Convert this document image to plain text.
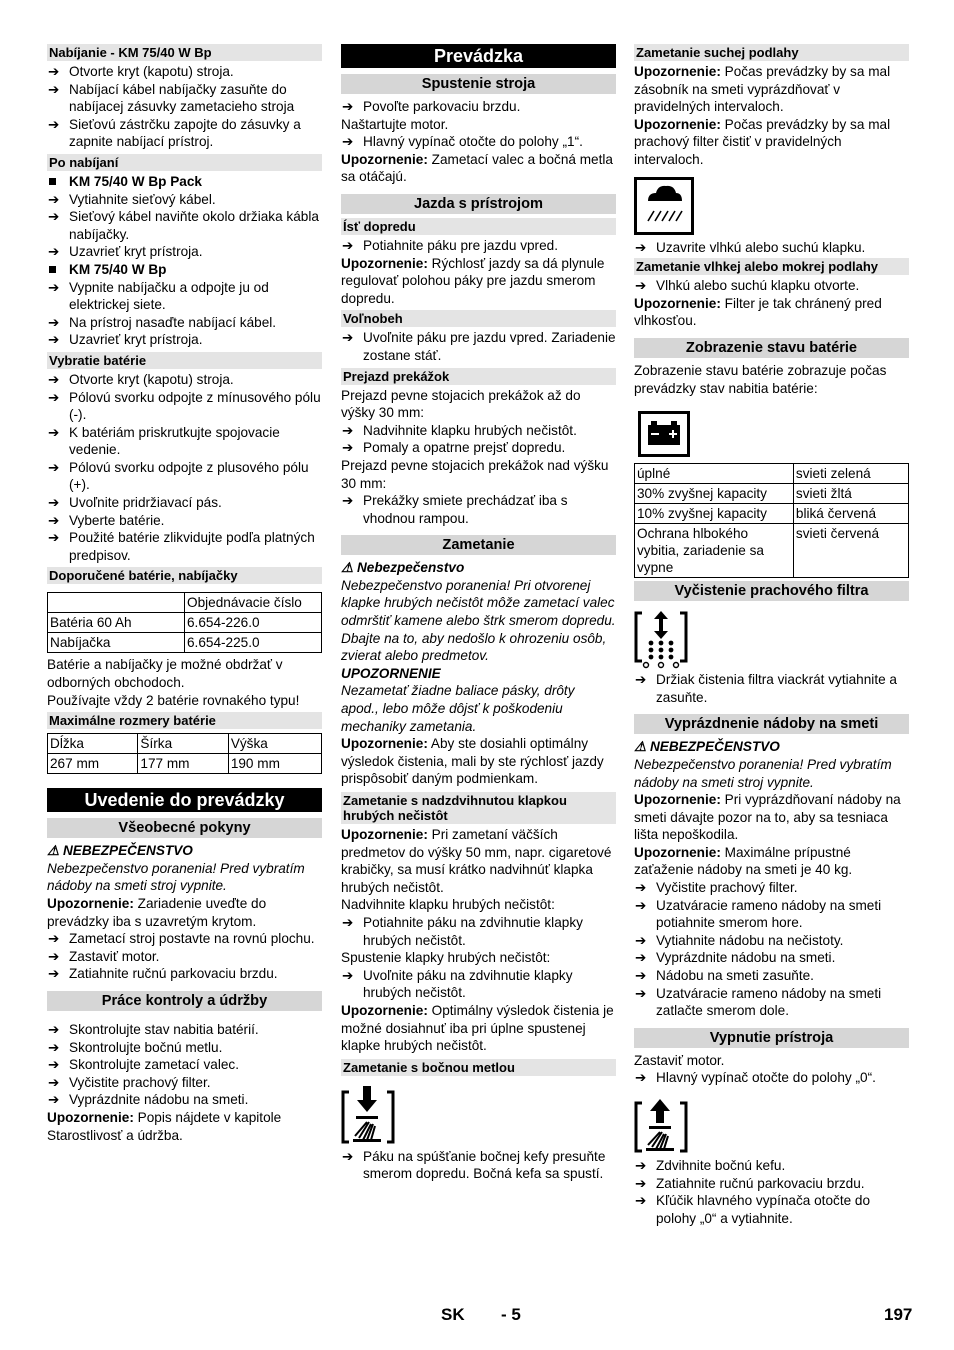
Nabíjanie - KM 75/40 W Bp
➔ Otvorte kryt (kapotu) stroja.
➔ Nabíjací kábel nabíjačky zasuňte do nabíjacej zásuvky zametacieho stroja
➔ Sieťovú zástrčku zapojte do zásuvky a zapnite nabíjací prístroj.
Po nabíjaní
KM 75/40 W Bp Pack
➔ Vytiahnite sieťový kábel.
➔ Sieťový kábel naviňte okolo držiaka kábla nabíjačky.
➔ Uzavrieť kryt prístroja.
KM 75/40 W Bp
➔ Vypnite nabíjačku a odpojte ju od elektrickej siete.
➔ Na prístroj nasaďte nabíjací kábel.
➔ Uzavrieť kryt prístroja.
Vybratie batérie
➔ Otvorte kryt (kapotu) stroja.
➔ Pólovú svorku odpojte z mínusového pólu (-).
➔ K batériám priskrutkujte spojovacie vedenie.
➔ Pólovú svorku odpojte z plusového pólu (+).
➔ Uvoľnite pridržiavací pás.
➔ Vyberte batérie.
➔ Použité batérie zlikvidujte podľa platných predpisov.
Doporučené batérie, nabíjačky
	Objednávacie číslo
Batéria 60 Ah	6.654-226.0
Nabíjačka	6.654-225.0

Batérie a nabíjačky je možné obdržať v odborných obchodoch.

Používajte vždy 2 batérie rovnakého typu!

Maximálne rozmery batérie
Dĺžka	Šírka	Výška
267 mm	177 mm	190 mm
Uvedenie do prevádzky
Všeobecné pokyny
⚠ NEBEZPEČENSTVO

Nebezpečenstvo poranenia! Pred vybratím nádoby na smeti stroj vypnite.

Upozornenie: Zariadenie uveďte do prevádzky iba s uzavretým krytom.

➔ Zametací stroj postavte na rovnú plochu.
➔ Zastaviť motor.
➔ Zatiahnite ručnú parkovaciu brzdu.
Práce kontroly a údržby
➔ Skontrolujte stav nabitia batérií.
➔ Skontrolujte bočnú metlu.
➔ Skontrolujte zametací valec.
➔ Vyčistite prachový filter.
➔ Vyprázdnite nádobu na smeti.

Upozornenie: Popis nájdete v kapitole Starostlivosť a údržba.

Prevádzka
Spustenie stroja
➔ Povoľte parkovaciu brzdu.

Naštartujte motor.

➔ Hlavný vypínač otočte do polohy „1“.

Upozornenie: Zametací valec a bočná metla sa otáčajú.

Jazda s prístrojom
Ísť dopredu
➔ Potiahnite páku pre jazdu vpred.

Upozornenie: Rýchlosť jazdy sa dá plynule regulovať polohou páky pre jazdu smerom dopredu.

Voľnobeh
➔ Uvoľnite páku pre jazdu vpred. Zariadenie zostane stáť.
Prejazd prekážok

Prejazd pevne stojacich prekážok až do výšky 30 mm:

➔ Nadvihnite klapku hrubých nečistôt.
➔ Pomaly a opatrne prejsť dopredu.

Prejazd pevne stojacich prekážok nad výšku 30 mm:

➔ Prekážky smiete prechádzať iba s vhodnou rampou.
Zametanie
⚠ Nebezpečenstvo

Nebezpečenstvo poranenia! Pri otvorenej klapke hrubých nečistôt môže zametací valec odmrštiť kamene alebo štrk smerom dopredu. Dbajte na to, aby nedošlo k ohrozeniu osôb, zvierat alebo predmetov.

UPOZORNENIE

Nezametať žiadne baliace pásky, drôty apod., lebo môže dôjsť k poškodeniu mechaniky zametania.

Upozornenie: Aby ste dosiahli optimálny výsledok čistenia, mali by ste rýchlosť jazdy prispôsobiť daným podmienkam.

Zametanie s nadzdvihnutou klapkou hrubých nečistôt

Upozornenie: Pri zametaní väčších predmetov do výšky 50 mm, napr. cigaretové krabičky, sa musí krátko nadvihnúť klapka hrubých nečistôt.

Nadvihnite klapku hrubých nečistôt:

➔ Potiahnite páku na zdvihnutie klapky hrubých nečistôt.

Spustenie klapky hrubých nečistôt:

➔ Uvoľnite páku na zdvihnutie klapky hrubých nečistôt.

Upozornenie: Optimálny výsledok čistenia je možné dosiahnuť iba pri úplne spustenej klapke hrubých nečistôt.

Zametanie s bočnou metlou
➔ Páku na spúšťanie bočnej kefy presuňte smerom dopredu. Bočná kefa sa spustí.
Zametanie suchej podlahy

Upozornenie: Počas prevádzky by sa mal zásobník na smeti vyprázdňovať v pravidelných intervaloch.

Upozornenie: Počas prevádzky by sa mal prachový filter čistiť v pravidelných intervaloch.

➔ Uzavrite vlhkú alebo suchú klapku.
Zametanie vlhkej alebo mokrej podlahy
➔ Vlhkú alebo suchú klapku otvorte.

Upozornenie: Filter je tak chránený pred vlhkosťou.

Zobrazenie stavu batérie

Zobrazenie stavu batérie zobrazuje počas prevádzky stav nabitia batérie:

úplné	svieti zelená
30% zvyšnej kapacity	svieti žltá
10% zvyšnej kapacity	bliká červená
Ochrana hlbokého vybitia, zariadenie sa vypne	svieti červená
Vyčistenie prachového filtra
➔ Držiak čistenia filtra viackrát vytiahnite a zasuňte.
Vyprázdnenie nádoby na smeti
⚠ NEBEZPEČENSTVO

Nebezpečenstvo poranenia! Pred vybratím nádoby na smeti stroj vypnite.

Upozornenie: Pri vyprázdňovaní nádoby na smeti dávajte pozor na to, aby sa tesniaca lišta nepoškodila.

Upozornenie: Maximálne prípustné zaťaženie nádoby na smeti je 40 kg.

➔ Vyčistite prachový filter.
➔ Uzatváracie rameno nádoby na smeti potiahnite smerom hore.
➔ Vytiahnite nádobu na nečistoty.
➔ Vyprázdnite nádobu na smeti.
➔ Nádobu na smeti zasuňte.
➔ Uzatváracie rameno nádoby na smeti zatlačte smerom dole.
Vypnutie prístroja

Zastaviť motor.

➔ Hlavný vypínač otočte do polohy „0“.
➔ Zdvihnite bočnú kefu.
➔ Zatiahnite ručnú parkovaciu brzdu.
➔ Kľúčik hlavného vypínača otočte do polohy „0“ a vytiahnite.
SK - 5	197
